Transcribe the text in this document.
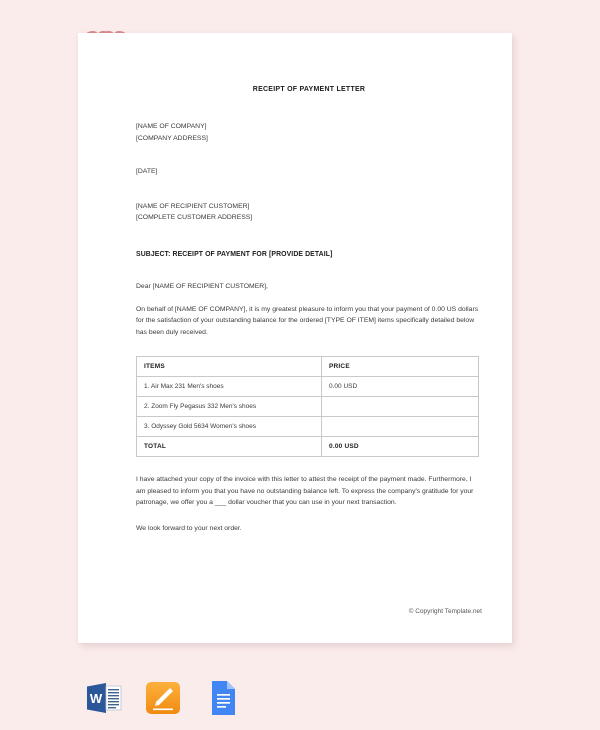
RECEIPT OF PAYMENT LETTER
[NAME OF COMPANY]
[COMPANY ADDRESS]
[DATE]
[NAME OF RECIPIENT CUSTOMER]
[COMPLETE CUSTOMER ADDRESS]
SUBJECT: RECEIPT OF PAYMENT FOR [PROVIDE DETAIL]
Dear [NAME OF RECIPIENT CUSTOMER],
On behalf of [NAME OF COMPANY], it is my greatest pleasure to inform you that your payment of 0.00 US dollars for the satisfaction of your outstanding balance for the ordered [TYPE OF ITEM] items specifically detailed below has been duly received.
ITEMS	PRICE
1. Air Max 231 Men's shoes	0.00 USD
2. Zoom Fly Pegasus 332 Men's shoes	
3. Odyssey Gold 5634 Women's shoes	
TOTAL	0.00 USD
I have attached your copy of the invoice with this letter to attest the receipt of the payment made. Furthermore, I am pleased to inform you that you have no outstanding balance left. To express the company's gratitude for your patronage, we offer you a ___ dollar voucher that you can use in your next transaction.
We look forward to your next order.
© Copyright Template.net
W
